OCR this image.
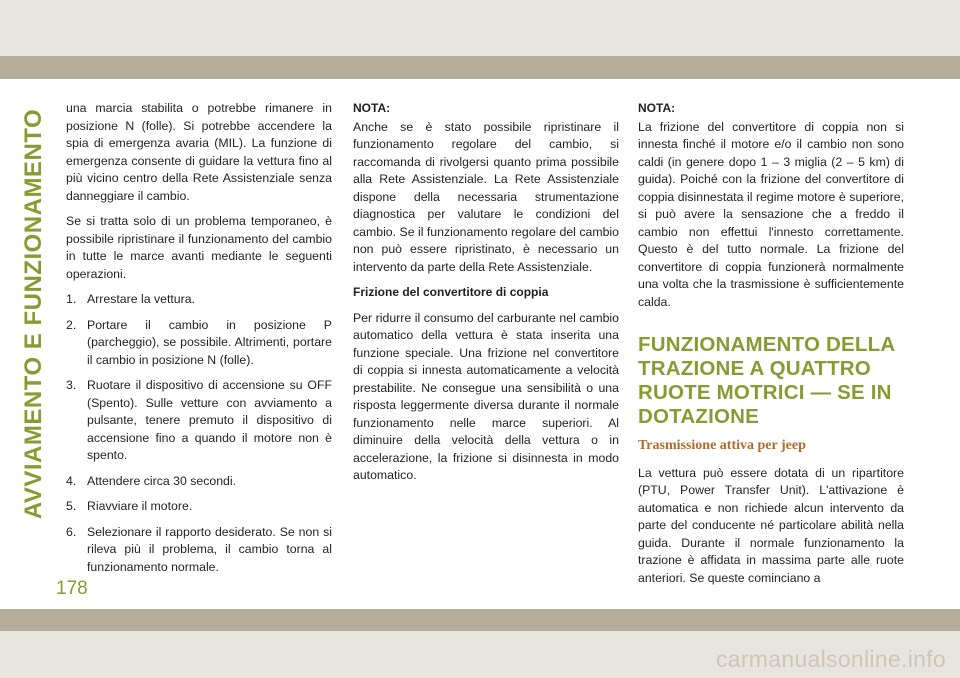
AVVIAMENTO E FUNZIONAMENTO

una marcia stabilita o potrebbe rimanere in posizione N (folle). Si potrebbe accendere la spia di emergenza avaria (MIL). La funzione di emergenza consente di guidare la vettura fino al più vicino centro della Rete Assistenziale senza danneggiare il cambio.

Se si tratta solo di un problema temporaneo, è possibile ripristinare il funzionamento del cambio in tutte le marce avanti mediante le seguenti operazioni.

1. Arrestare la vettura.
2. Portare il cambio in posizione P (parcheggio), se possibile. Altrimenti, portare il cambio in posizione N (folle).
3. Ruotare il dispositivo di accensione su OFF (Spento). Sulle vetture con avviamento a pulsante, tenere premuto il dispositivo di accensione fino a quando il motore non è spento.
4. Attendere circa 30 secondi.
5. Riavviare il motore.
6. Selezionare il rapporto desiderato. Se non si rileva più il problema, il cambio torna al funzionamento normale.
NOTA:

Anche se è stato possibile ripristinare il funzionamento regolare del cambio, si raccomanda di rivolgersi quanto prima possibile alla Rete Assistenziale. La Rete Assistenziale dispone della necessaria strumentazione diagnostica per valutare le condizioni del cambio. Se il funzionamento regolare del cambio non può essere ripristinato, è necessario un intervento da parte della Rete Assistenziale.

Frizione del convertitore di coppia

Per ridurre il consumo del carburante nel cambio automatico della vettura è stata inserita una funzione speciale. Una frizione nel convertitore di coppia si innesta automaticamente a velocità prestabilite. Ne consegue una sensibilità o una risposta leggermente diversa durante il normale funzionamento nelle marce superiori. Al diminuire della velocità della vettura o in accelerazione, la frizione si disinnesta in modo automatico.

NOTA:

La frizione del convertitore di coppia non si innesta finché il motore e/o il cambio non sono caldi (in genere dopo 1 – 3 miglia (2 – 5 km) di guida). Poiché con la frizione del convertitore di coppia disinnestata il regime motore è superiore, si può avere la sensazione che a freddo il cambio non effettui l'innesto correttamente. Questo è del tutto normale. La frizione del convertitore di coppia funzionerà normalmente una volta che la trasmissione è sufficientemente calda.

FUNZIONAMENTO DELLA TRAZIONE A QUATTRO RUOTE MOTRICI — SE IN DOTAZIONE
Trasmissione attiva per jeep

La vettura può essere dotata di un ripartitore (PTU, Power Transfer Unit). L'attivazione è automatica e non richiede alcun intervento da parte del conducente né particolare abilità nella guida. Durante il normale funzionamento la trazione è affidata in massima parte alle ruote anteriori. Se queste cominciano a

178
carmanualsonline.info
